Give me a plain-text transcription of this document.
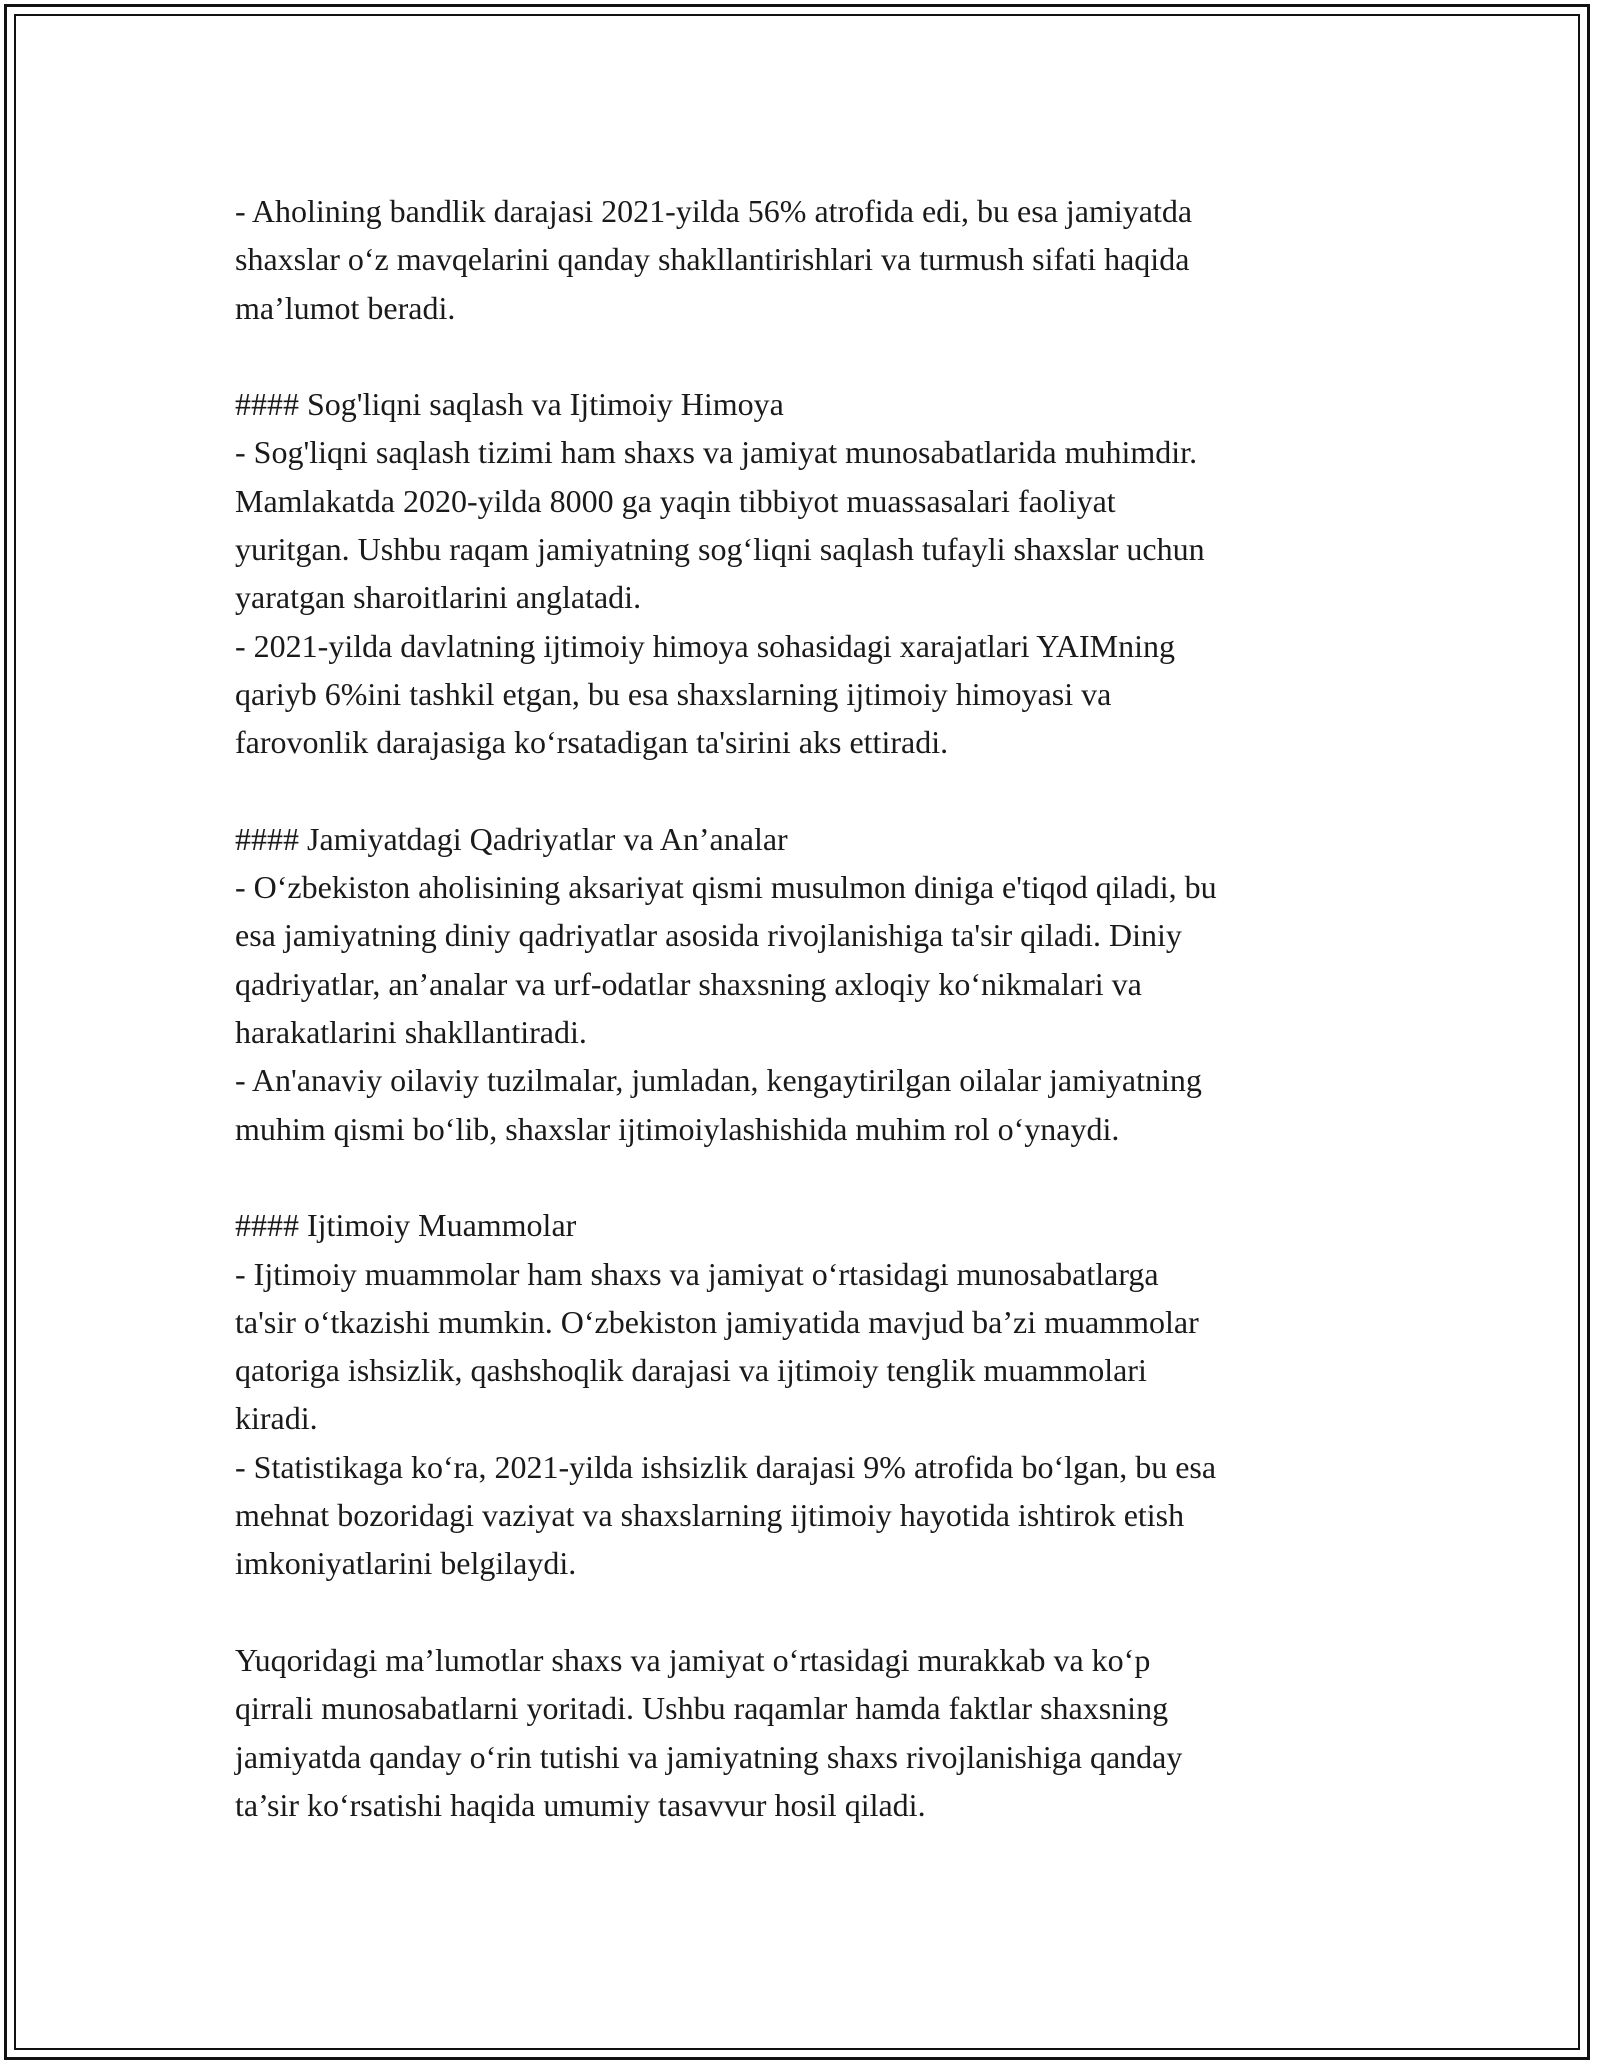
- Aholining bandlik darajasi 2021-yilda 56% atrofida edi, bu esa jamiyatda
shaxslar o‘z mavqelarini qanday shakllantirishlari va turmush sifati haqida
ma’lumot beradi.

#### Sog'liqni saqlash va Ijtimoiy Himoya

- Sog'liqni saqlash tizimi ham shaxs va jamiyat munosabatlarida muhimdir.
Mamlakatda 2020-yilda 8000 ga yaqin tibbiyot muassasalari faoliyat
yuritgan. Ushbu raqam jamiyatning sog‘liqni saqlash tufayli shaxslar uchun
yaratgan sharoitlarini anglatadi.

- 2021-yilda davlatning ijtimoiy himoya sohasidagi xarajatlari YAIMning
qariyb 6%ini tashkil etgan, bu esa shaxslarning ijtimoiy himoyasi va
farovonlik darajasiga ko‘rsatadigan ta'sirini aks ettiradi.

#### Jamiyatdagi Qadriyatlar va An’analar

- O‘zbekiston aholisining aksariyat qismi musulmon diniga e'tiqod qiladi, bu
esa jamiyatning diniy qadriyatlar asosida rivojlanishiga ta'sir qiladi. Diniy
qadriyatlar, an’analar va urf-odatlar shaxsning axloqiy ko‘nikmalari va
harakatlarini shakllantiradi.

- An'anaviy oilaviy tuzilmalar, jumladan, kengaytirilgan oilalar jamiyatning
muhim qismi bo‘lib, shaxslar ijtimoiylashishida muhim rol o‘ynaydi.

#### Ijtimoiy Muammolar

- Ijtimoiy muammolar ham shaxs va jamiyat o‘rtasidagi munosabatlarga
ta'sir o‘tkazishi mumkin. O‘zbekiston jamiyatida mavjud ba’zi muammolar
qatoriga ishsizlik, qashshoqlik darajasi va ijtimoiy tenglik muammolari
kiradi.

- Statistikaga ko‘ra, 2021-yilda ishsizlik darajasi 9% atrofida bo‘lgan, bu esa
mehnat bozoridagi vaziyat va shaxslarning ijtimoiy hayotida ishtirok etish
imkoniyatlarini belgilaydi.

Yuqoridagi ma’lumotlar shaxs va jamiyat o‘rtasidagi murakkab va ko‘p
qirrali munosabatlarni yoritadi. Ushbu raqamlar hamda faktlar shaxsning
jamiyatda qanday o‘rin tutishi va jamiyatning shaxs rivojlanishiga qanday
ta’sir ko‘rsatishi haqida umumiy tasavvur hosil qiladi.
